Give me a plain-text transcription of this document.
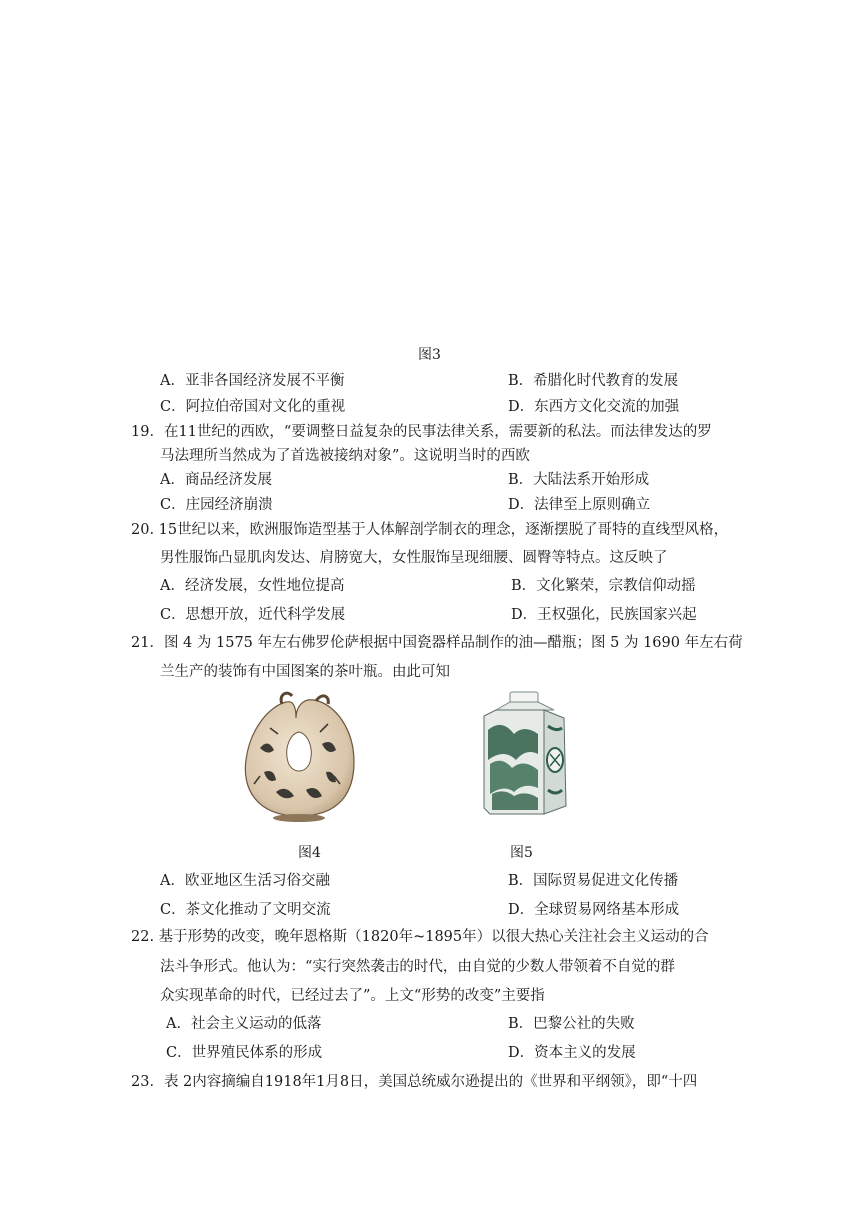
图3
A．亚非各国经济发展不平衡	B．希腊化时代教育的发展
C．阿拉伯帝国对文化的重视	D．东西方文化交流的加强
19．在11世纪的西欧，“要调整日益复杂的民事法律关系，需要新的私法。而法律发达的罗
马法理所当然成为了首选被接纳对象”。这说明当时的西欧
A．商品经济发展	B．大陆法系开始形成
C．庄园经济崩溃	D．法律至上原则确立
20. 15世纪以来，欧洲服饰造型基于人体解剖学制衣的理念，逐渐摆脱了哥特的直线型风格，
男性服饰凸显肌肉发达、肩膀宽大，女性服饰呈现细腰、圆臀等特点。这反映了
A．经济发展，女性地位提高	B．文化繁荣，宗教信仰动摇
C．思想开放，近代科学发展	D．王权强化，民族国家兴起
21．图 4 为 1575 年左右佛罗伦萨根据中国瓷器样品制作的油—醋瓶；图 5 为 1690 年左右荷
兰生产的装饰有中国图案的茶叶瓶。由此可知
图4	图5
A．欧亚地区生活习俗交融	B．国际贸易促进文化传播
C．茶文化推动了文明交流	D．全球贸易网络基本形成
22. 基于形势的改变，晚年恩格斯（1820年~1895年）以很大热心关注社会主义运动的合
法斗争形式。他认为：“实行突然袭击的时代，由自觉的少数人带领着不自觉的群
众实现革命的时代，已经过去了”。上文“形势的改变”主要指
A．社会主义运动的低落	B．巴黎公社的失败
C．世界殖民体系的形成	D．资本主义的发展
23．表 2内容摘编自1918年1月8日，美国总统威尔逊提出的《世界和平纲领》，即“十四
